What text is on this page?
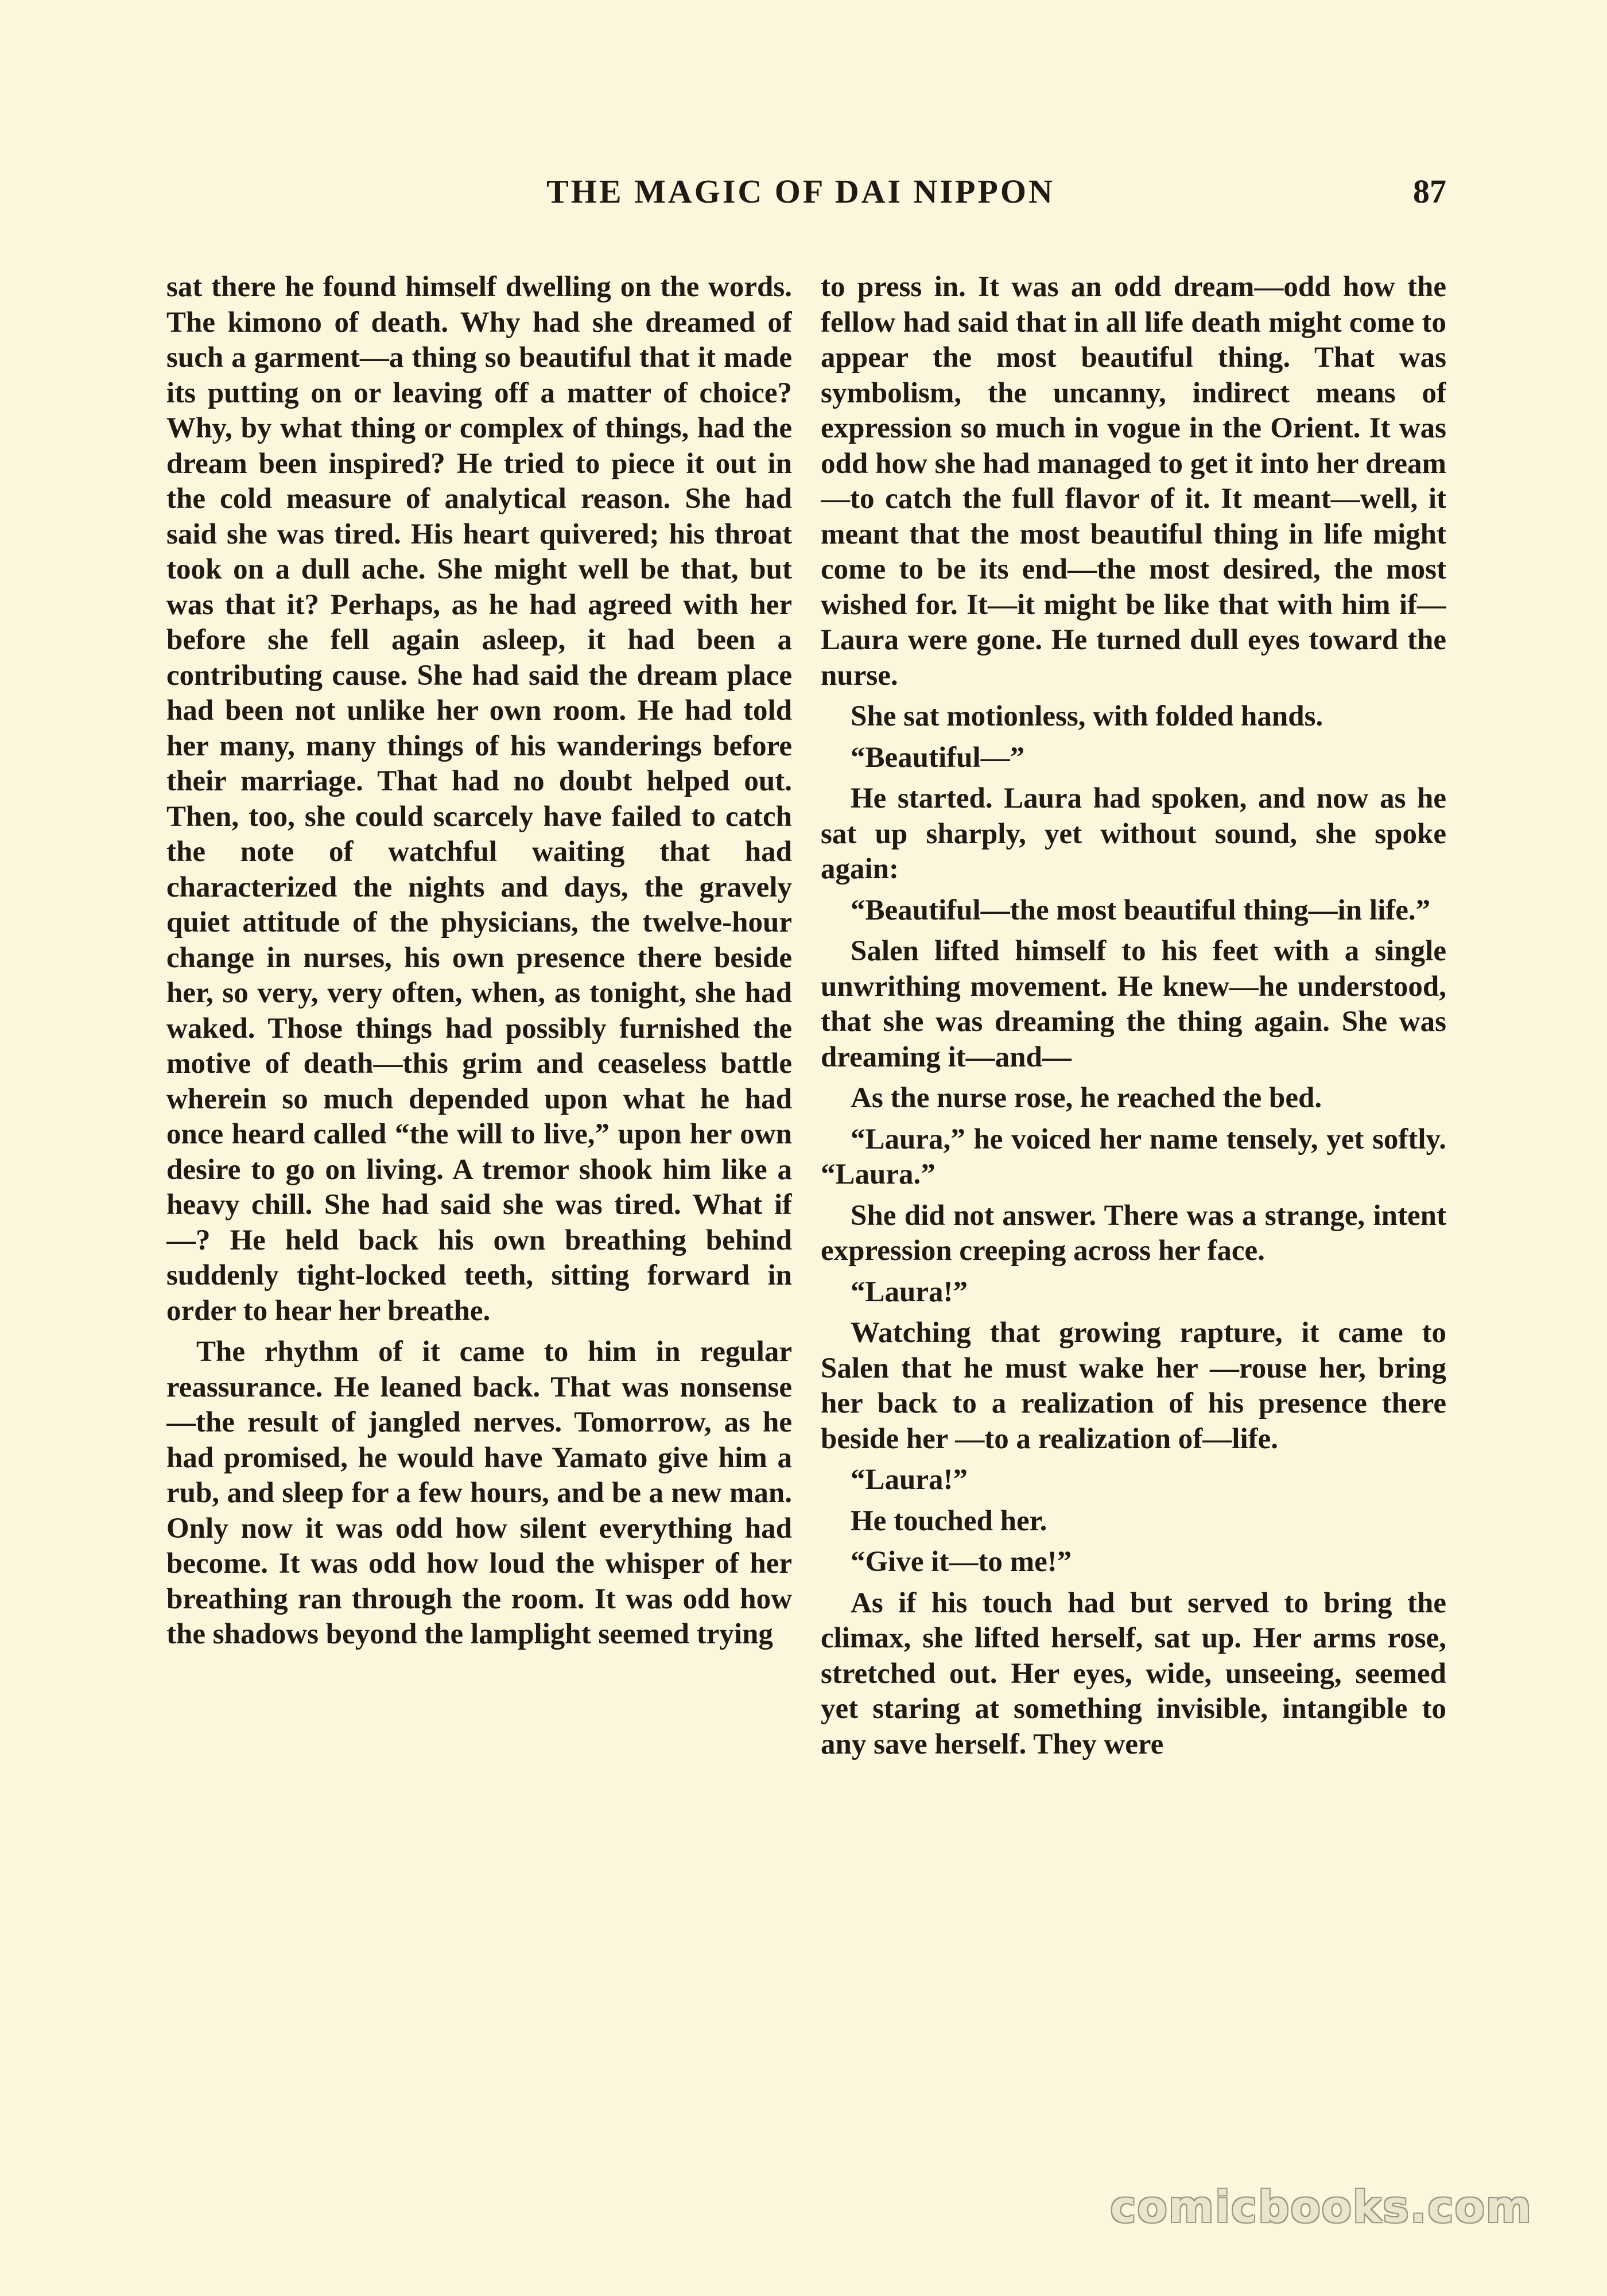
THE MAGIC OF DAI NIPPON	87

sat there he found himself dwelling on the words. The kimono of death. Why had she dreamed of such a garment—a thing so beautiful that it made its putting on or leaving off a matter of choice? Why, by what thing or complex of things, had the dream been inspired? He tried to piece it out in the cold measure of analytical reason. She had said she was tired. His heart quivered; his throat took on a dull ache. She might well be that, but was that it? Perhaps, as he had agreed with her before she fell again asleep, it had been a contributing cause. She had said the dream place had been not unlike her own room. He had told her many, many things of his wanderings before their marriage. That had no doubt helped out. Then, too, she could scarcely have failed to catch the note of watchful waiting that had characterized the nights and days, the gravely quiet attitude of the physicians, the twelve-hour change in nurses, his own presence there beside her, so very, very often, when, as tonight, she had waked. Those things had possibly furnished the motive of death—this grim and ceaseless battle wherein so much depended upon what he had once heard called “the will to live,” upon her own desire to go on living. A tremor shook him like a heavy chill. She had said she was tired. What if—? He held back his own breathing behind suddenly tight-locked teeth, sitting forward in order to hear her breathe.

The rhythm of it came to him in regular reassurance. He leaned back. That was nonsense—the result of jangled nerves. Tomorrow, as he had promised, he would have Yamato give him a rub, and sleep for a few hours, and be a new man. Only now it was odd how silent everything had become. It was odd how loud the whisper of her breathing ran through the room. It was odd how the shadows beyond the lamplight seemed trying

to press in. It was an odd dream—odd how the fellow had said that in all life death might come to appear the most beautiful thing. That was symbolism, the uncanny, indirect means of expression so much in vogue in the Orient. It was odd how she had managed to get it into her dream —to catch the full flavor of it. It meant—well, it meant that the most beautiful thing in life might come to be its end—the most desired, the most wished for. It—it might be like that with him if—Laura were gone. He turned dull eyes toward the nurse.

She sat motionless, with folded hands.

“Beautiful—”

He started. Laura had spoken, and now as he sat up sharply, yet without sound, she spoke again:

“Beautiful—the most beautiful thing—in life.”

Salen lifted himself to his feet with a single unwrithing movement. He knew—he understood, that she was dreaming the thing again. She was dreaming it—and—

As the nurse rose, he reached the bed.

“Laura,” he voiced her name tensely, yet softly. “Laura.”

She did not answer. There was a strange, intent expression creeping across her face.

“Laura!”

Watching that growing rapture, it came to Salen that he must wake her —rouse her, bring her back to a realization of his presence there beside her —to a realization of—life.

“Laura!”

He touched her.

“Give it—to me!”

As if his touch had but served to bring the climax, she lifted herself, sat up. Her arms rose, stretched out. Her eyes, wide, unseeing, seemed yet staring at something invisible, intangible to any save herself. They were

comicbooks.com
